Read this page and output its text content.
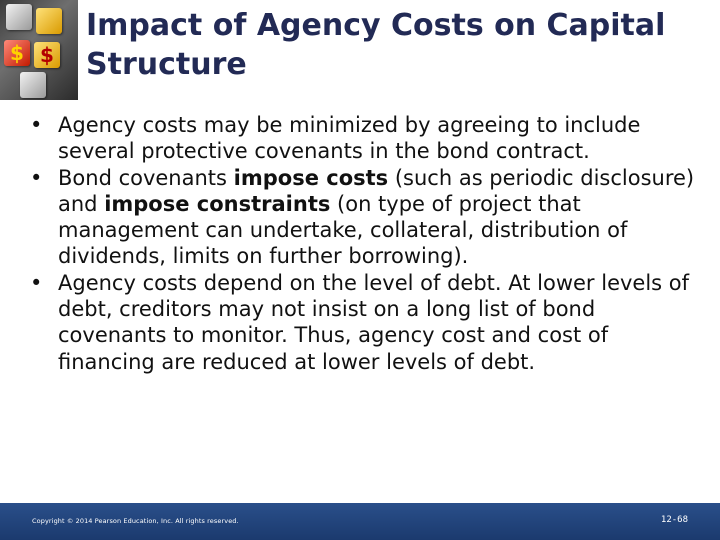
$ $
Impact of Agency Costs on Capital Structure
• Agency costs may be minimized by agreeing to include several protective covenants in the bond contract.
• Bond covenants impose costs (such as periodic disclosure) and impose constraints (on type of project that management can undertake, collateral, distribution of dividends, limits on further borrowing).
• Agency costs depend on the level of debt. At lower levels of debt, creditors may not insist on a long list of bond covenants to monitor. Thus, agency cost and cost of financing are reduced at lower levels of debt.
Copyright © 2014 Pearson Education, Inc. All rights reserved.	12-68
